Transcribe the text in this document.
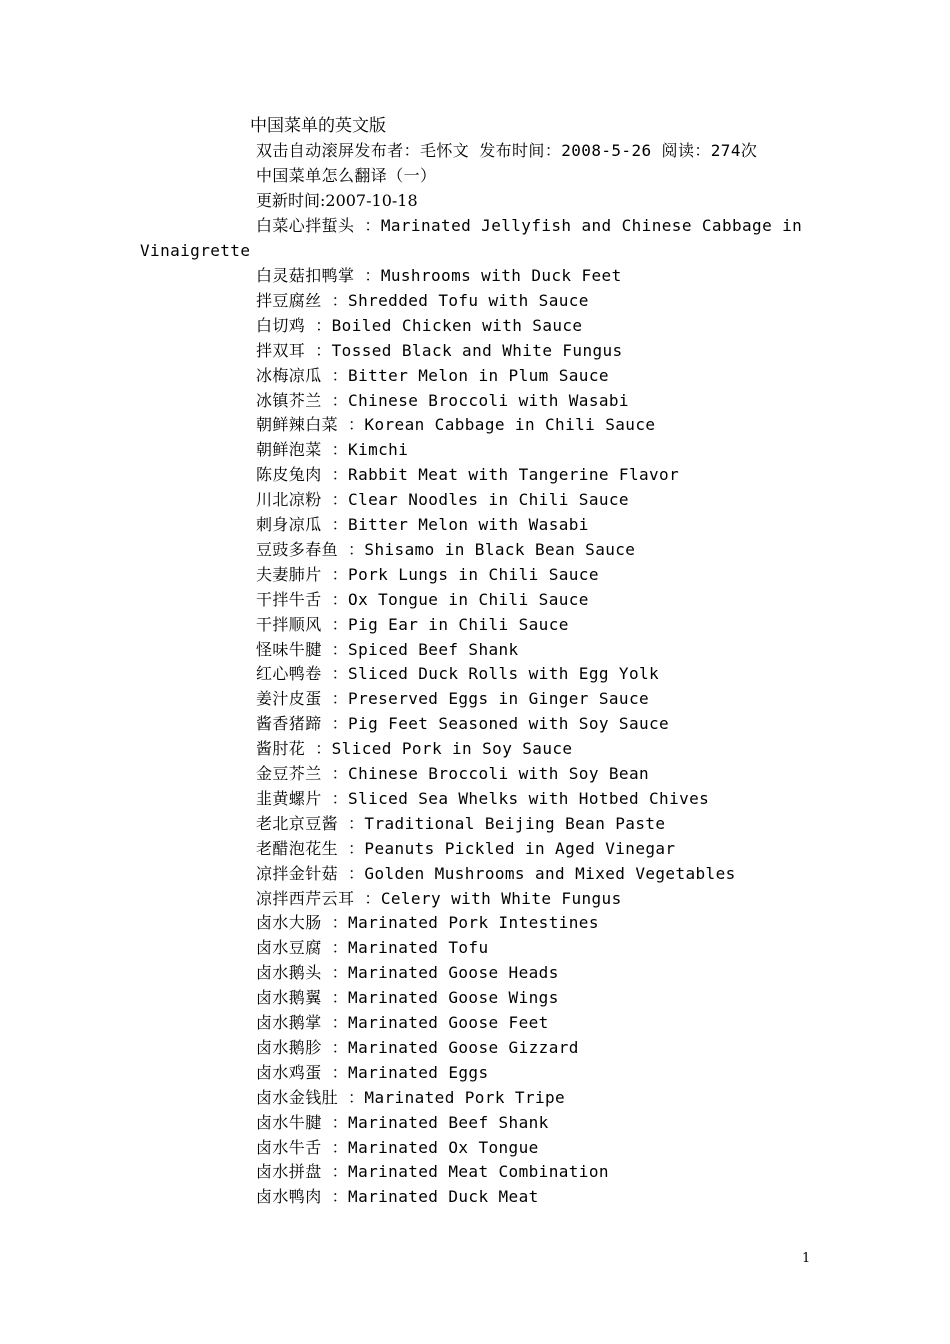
中国菜单的英文版
双击自动滚屏发布者：毛怀文 发布时间：2008-5-26 阅读：274次
中国菜单怎么翻译（一）
更新时间:2007-10-18
白菜心拌蜇头 ：Marinated Jellyfish and Chinese Cabbage in
Vinaigrette
白灵菇扣鸭掌 ：Mushrooms with Duck Feet
拌豆腐丝 ：Shredded Tofu with Sauce
白切鸡 ：Boiled Chicken with Sauce
拌双耳 ：Tossed Black and White Fungus
冰梅凉瓜 ：Bitter Melon in Plum Sauce
冰镇芥兰 ：Chinese Broccoli with Wasabi
朝鲜辣白菜 ：Korean Cabbage in Chili Sauce
朝鲜泡菜 ：Kimchi
陈皮兔肉 ：Rabbit Meat with Tangerine Flavor
川北凉粉 ：Clear Noodles in Chili Sauce
刺身凉瓜 ：Bitter Melon with Wasabi
豆豉多春鱼 ：Shisamo in Black Bean Sauce
夫妻肺片 ：Pork Lungs in Chili Sauce
干拌牛舌 ：Ox Tongue in Chili Sauce
干拌顺风 ：Pig Ear in Chili Sauce
怪味牛腱 ：Spiced Beef Shank
红心鸭卷 ：Sliced Duck Rolls with Egg Yolk
姜汁皮蛋 ：Preserved Eggs in Ginger Sauce
酱香猪蹄 ：Pig Feet Seasoned with Soy Sauce
酱肘花 ：Sliced Pork in Soy Sauce
金豆芥兰 ：Chinese Broccoli with Soy Bean
韭黄螺片 ：Sliced Sea Whelks with Hotbed Chives
老北京豆酱 ：Traditional Beijing Bean Paste
老醋泡花生 ：Peanuts Pickled in Aged Vinegar
凉拌金针菇 ：Golden Mushrooms and Mixed Vegetables
凉拌西芹云耳 ：Celery with White Fungus
卤水大肠 ：Marinated Pork Intestines
卤水豆腐 ：Marinated Tofu
卤水鹅头 ：Marinated Goose Heads
卤水鹅翼 ：Marinated Goose Wings
卤水鹅掌 ：Marinated Goose Feet
卤水鹅胗 ：Marinated Goose Gizzard
卤水鸡蛋 ：Marinated Eggs
卤水金钱肚 ：Marinated Pork Tripe
卤水牛腱 ：Marinated Beef Shank
卤水牛舌 ：Marinated Ox Tongue
卤水拼盘 ：Marinated Meat Combination
卤水鸭肉 ：Marinated Duck Meat
1
